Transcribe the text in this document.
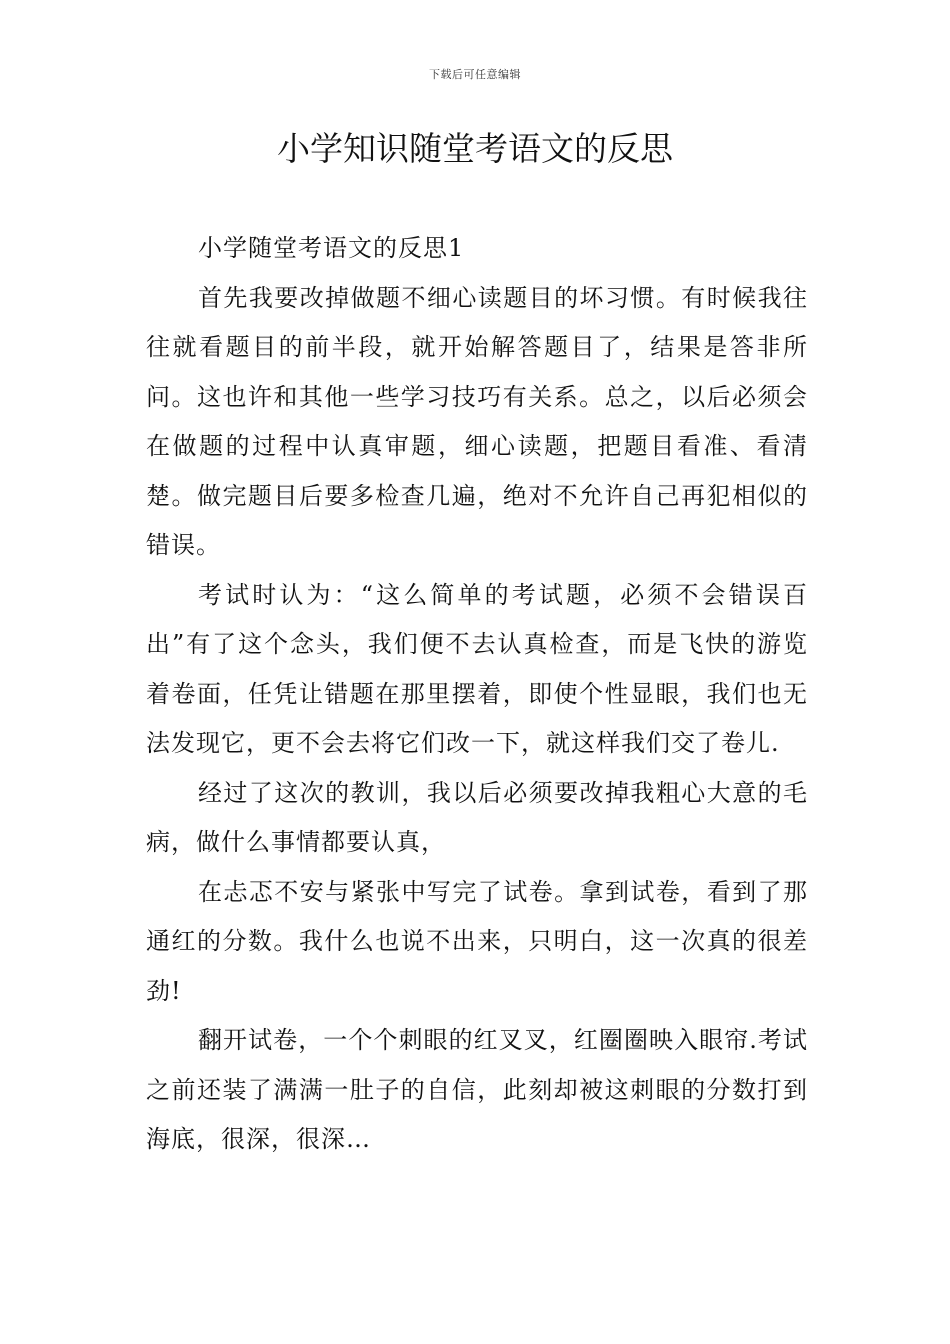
下载后可任意编辑
小学知识随堂考语文的反思

小学随堂考语文的反思1

首先我要改掉做题不细心读题目的坏习惯。有时候我往往就看题目的前半段，就开始解答题目了，结果是答非所问。这也许和其他一些学习技巧有关系。总之，以后必须会在做题的过程中认真审题，细心读题，把题目看准、看清楚。做完题目后要多检查几遍，绝对不允许自己再犯相似的错误。

考试时认为：“这么简单的考试题，必须不会错误百出”有了这个念头，我们便不去认真检查，而是飞快的游览着卷面，任凭让错题在那里摆着，即使个性显眼，我们也无法发现它，更不会去将它们改一下，就这样我们交了卷儿.

经过了这次的教训，我以后必须要改掉我粗心大意的毛病，做什么事情都要认真，

在忐忑不安与紧张中写完了试卷。拿到试卷，看到了那通红的分数。我什么也说不出来，只明白，这一次真的很差劲!

翻开试卷，一个个刺眼的红叉叉，红圈圈映入眼帘.考试之前还装了满满一肚子的自信，此刻却被这刺眼的分数打到海底，很深，很深…
